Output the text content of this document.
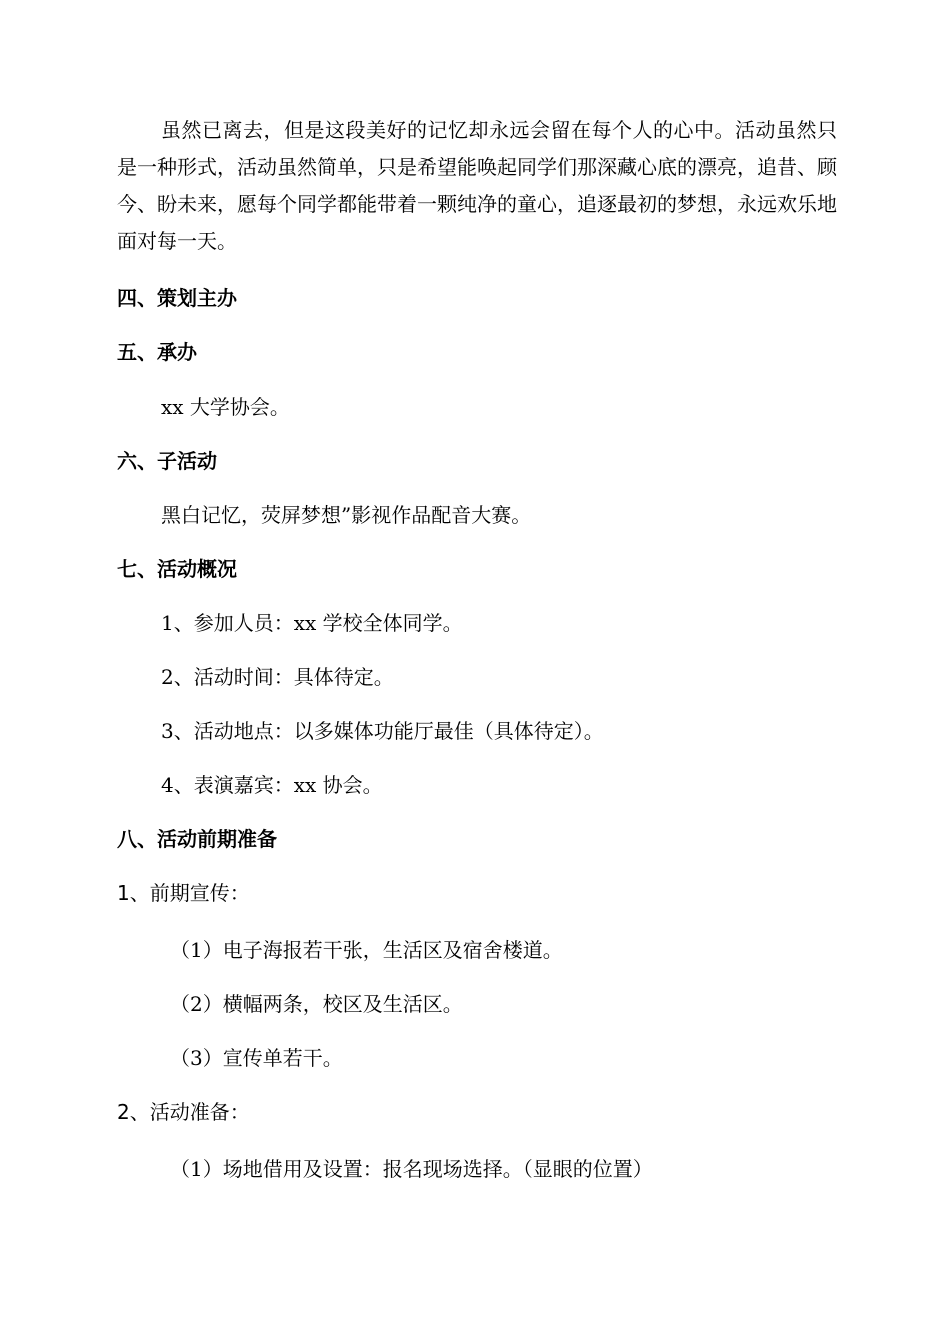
虽然已离去，但是这段美好的记忆却永远会留在每个人的心中。活动虽然只是一种形式，活动虽然简单，只是希望能唤起同学们那深藏心底的漂亮，追昔、顾今、盼未来，愿每个同学都能带着一颗纯净的童心，追逐最初的梦想，永远欢乐地面对每一天。

四、策划主办

五、承办

xx 大学协会。

六、子活动

黑白记忆，荧屏梦想”影视作品配音大赛。

七、活动概况

1、参加人员：xx 学校全体同学。

2、活动时间：具体待定。

3、活动地点：以多媒体功能厅最佳（具体待定）。

4、表演嘉宾：xx 协会。

八、活动前期准备

1、前期宣传：

（1）电子海报若干张，生活区及宿舍楼道。

（2）横幅两条，校区及生活区。

（3）宣传单若干。

2、活动准备：

（1）场地借用及设置：报名现场选择。（显眼的位置）
